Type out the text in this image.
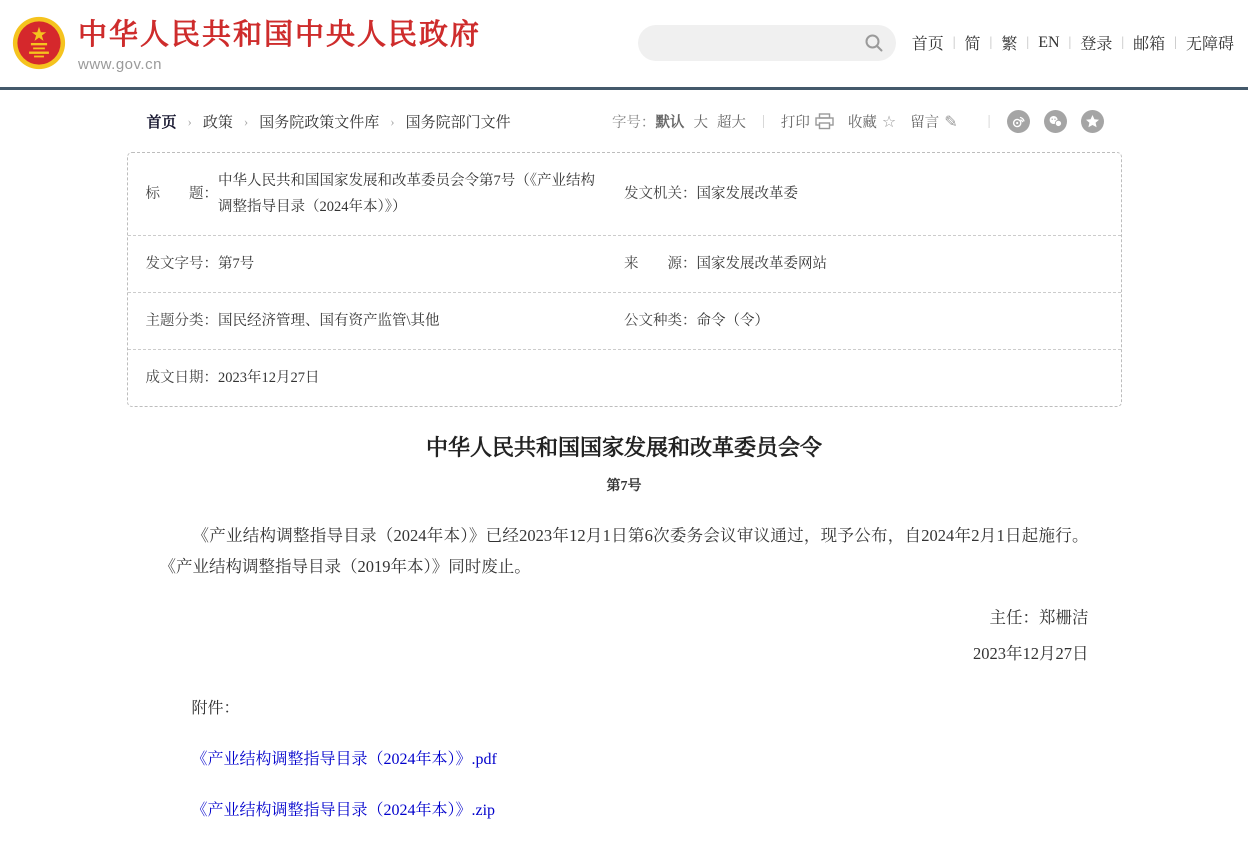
中华人民共和国中央人民政府
www.gov.cn
首页 | 简 | 繁 | EN | 登录 | 邮箱 | 无障碍
首页 › 政策 › 国务院政策文件库 › 国务院部门文件	字号： 默认 大 超大 | 打印	收藏 ☆ 留言 ✎ |
标　　题：
中华人民共和国国家发展和改革委员会令第7号（《产业结构调整指导目录（2024年本）》）
发文机关： 国家发展改革委
发文字号： 第7号	来　　源： 国家发展改革委网站
主题分类： 国民经济管理、国有资产监管\其他	公文种类： 命令（令）
成文日期： 2023年12月27日
中华人民共和国国家发展和改革委员会令
第7号

《产业结构调整指导目录（2024年本）》已经2023年12月1日第6次委务会议审议通过，现予公布，自2024年2月1日起施行。《产业结构调整指导目录（2019年本）》同时废止。

主任：郑栅洁
2023年12月27日
附件：
《产业结构调整指导目录（2024年本）》.pdf
《产业结构调整指导目录（2024年本）》.zip
